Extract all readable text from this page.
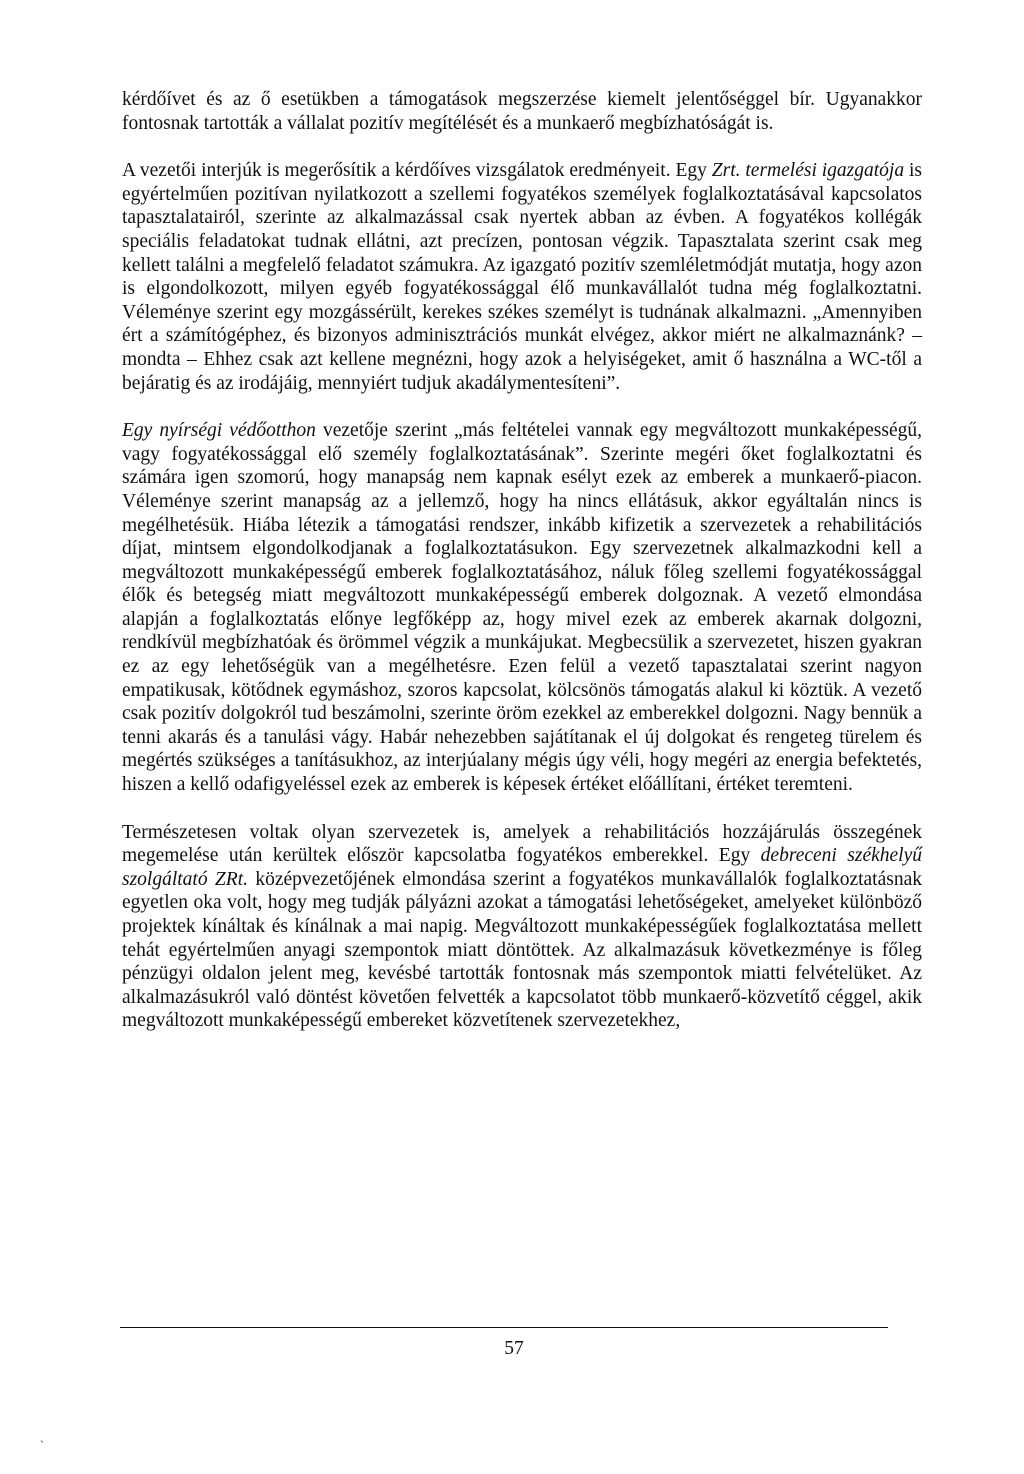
kérdőívet és az ő esetükben a támogatások megszerzése kiemelt jelentőséggel bír. Ugyanakkor fontosnak tartották a vállalat pozitív megítélését és a munkaerő megbízhatóságát is.

A vezetői interjúk is megerősítik a kérdőíves vizsgálatok eredményeit. Egy Zrt. termelési igazgatója is egyértelműen pozitívan nyilatkozott a szellemi fogyatékos személyek foglalkoztatásával kapcsolatos tapasztalatairól, szerinte az alkalmazással csak nyertek abban az évben. A fogyatékos kollégák speciális feladatokat tudnak ellátni, azt precízen, pontosan végzik. Tapasztalata szerint csak meg kellett találni a megfelelő feladatot számukra. Az igazgató pozitív szemléletmódját mutatja, hogy azon is elgondolkozott, milyen egyéb fogyatékossággal élő munkavállalót tudna még foglalkoztatni. Véleménye szerint egy mozgássérült, kerekes székes személyt is tudnának alkalmazni. „Amennyiben ért a számítógéphez, és bizonyos adminisztrációs munkát elvégez, akkor miért ne alkalmaznánk? – mondta – Ehhez csak azt kellene megnézni, hogy azok a helyiségeket, amit ő használna a WC-től a bejáratig és az irodájáig, mennyiért tudjuk akadálymentesíteni”.

Egy nyírségi védőotthon vezetője szerint „más feltételei vannak egy megváltozott munkaképességű, vagy fogyatékossággal elő személy foglalkoztatásának”. Szerinte megéri őket foglalkoztatni és számára igen szomorú, hogy manapság nem kapnak esélyt ezek az emberek a munkaerő-piacon. Véleménye szerint manapság az a jellemző, hogy ha nincs ellátásuk, akkor egyáltalán nincs is megélhetésük. Hiába létezik a támogatási rendszer, inkább kifizetik a szervezetek a rehabilitációs díjat, mintsem elgondolkodjanak a foglalkoztatásukon. Egy szervezetnek alkalmazkodni kell a megváltozott munkaképességű emberek foglalkoztatásához, náluk főleg szellemi fogyatékossággal élők és betegség miatt megváltozott munkaképességű emberek dolgoznak. A vezető elmondása alapján a foglalkoztatás előnye legfőképp az, hogy mivel ezek az emberek akarnak dolgozni, rendkívül megbízhatóak és örömmel végzik a munkájukat. Megbecsülik a szervezetet, hiszen gyakran ez az egy lehetőségük van a megélhetésre. Ezen felül a vezető tapasztalatai szerint nagyon empatikusak, kötődnek egymáshoz, szoros kapcsolat, kölcsönös támogatás alakul ki köztük. A vezető csak pozitív dolgokról tud beszámolni, szerinte öröm ezekkel az emberekkel dolgozni. Nagy bennük a tenni akarás és a tanulási vágy. Habár nehezebben sajátítanak el új dolgokat és rengeteg türelem és megértés szükséges a tanításukhoz, az interjúalany mégis úgy véli, hogy megéri az energia befektetés, hiszen a kellő odafigyeléssel ezek az emberek is képesek értéket előállítani, értéket teremteni.

Természetesen voltak olyan szervezetek is, amelyek a rehabilitációs hozzájárulás összegének megemelése után kerültek először kapcsolatba fogyatékos emberekkel. Egy debreceni székhelyű szolgáltató ZRt. középvezetőjének elmondása szerint a fogyatékos munkavállalók foglalkoztatásnak egyetlen oka volt, hogy meg tudják pályázni azokat a támogatási lehetőségeket, amelyeket különböző projektek kínáltak és kínálnak a mai napig. Megváltozott munkaképességűek foglalkoztatása mellett tehát egyértelműen anyagi szempontok miatt döntöttek. Az alkalmazásuk következménye is főleg pénzügyi oldalon jelent meg, kevésbé tartották fontosnak más szempontok miatti felvételüket. Az alkalmazásukról való döntést követően felvették a kapcsolatot több munkaerő-közvetítő céggel, akik megváltozott munkaképességű embereket közvetítenek szervezetekhez,

57
`
